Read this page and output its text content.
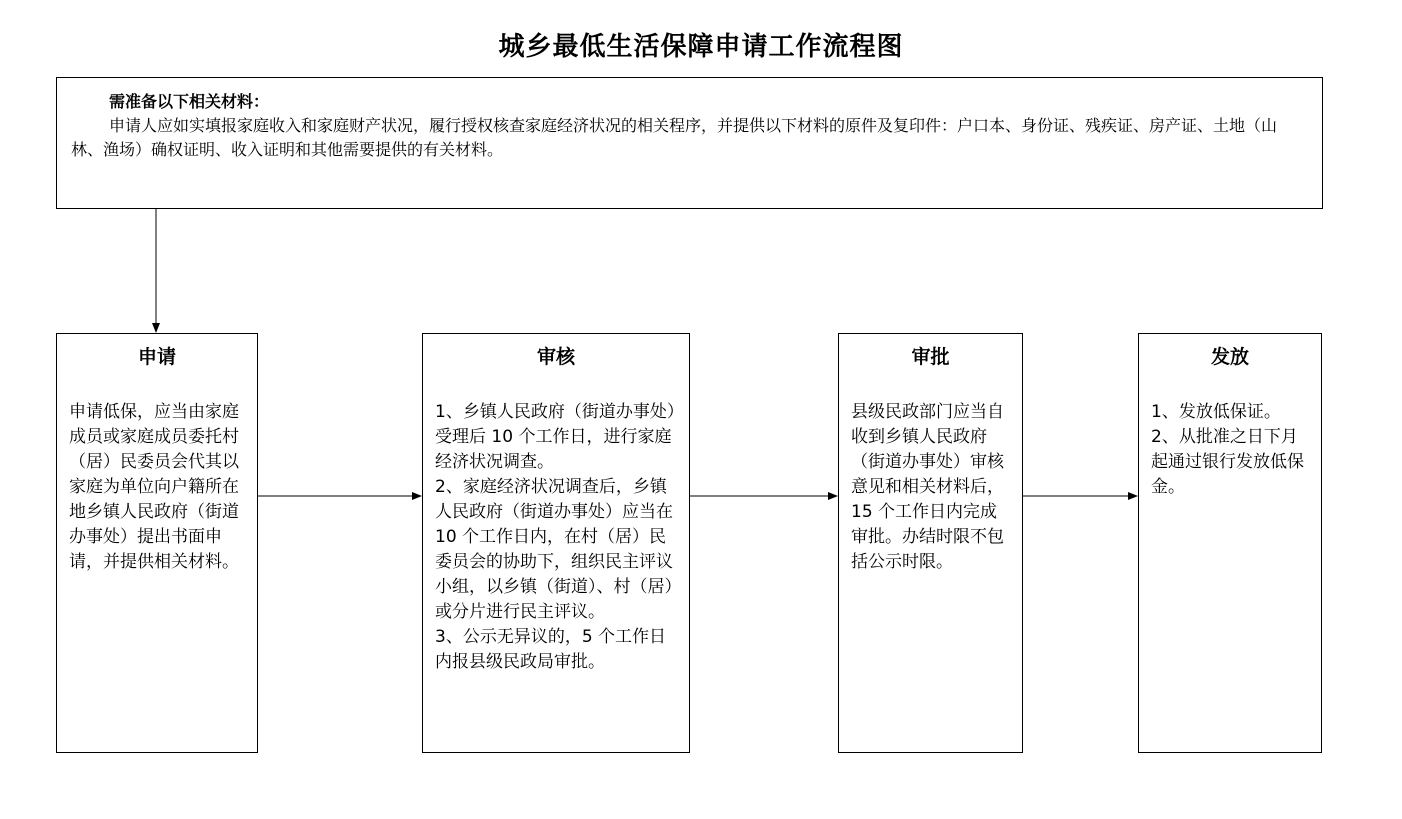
城乡最低生活保障申请工作流程图
需准备以下相关材料：
申请人应如实填报家庭收入和家庭财产状况，履行授权核查家庭经济状况的相关程序，并提供以下材料的原件及复印件：户口本、身份证、残疾证、房产证、土地（山林、渔场）确权证明、收入证明和其他需要提供的有关材料。
申请

申请低保，应当由家庭成员或家庭成员委托村（居）民委员会代其以家庭为单位向户籍所在地乡镇人民政府（街道办事处）提出书面申请，并提供相关材料。

审核

1、乡镇人民政府（街道办事处）受理后 10 个工作日，进行家庭经济状况调查。
2、家庭经济状况调查后，乡镇人民政府（街道办事处）应当在 10 个工作日内，在村（居）民委员会的协助下，组织民主评议小组，以乡镇（街道）、村（居）或分片进行民主评议。
3、公示无异议的，5 个工作日内报县级民政局审批。

审批

县级民政部门应当自收到乡镇人民政府（街道办事处）审核意见和相关材料后，15 个工作日内完成审批。办结时限不包括公示时限。

发放

1、发放低保证。
2、从批准之日下月起通过银行发放低保金。
